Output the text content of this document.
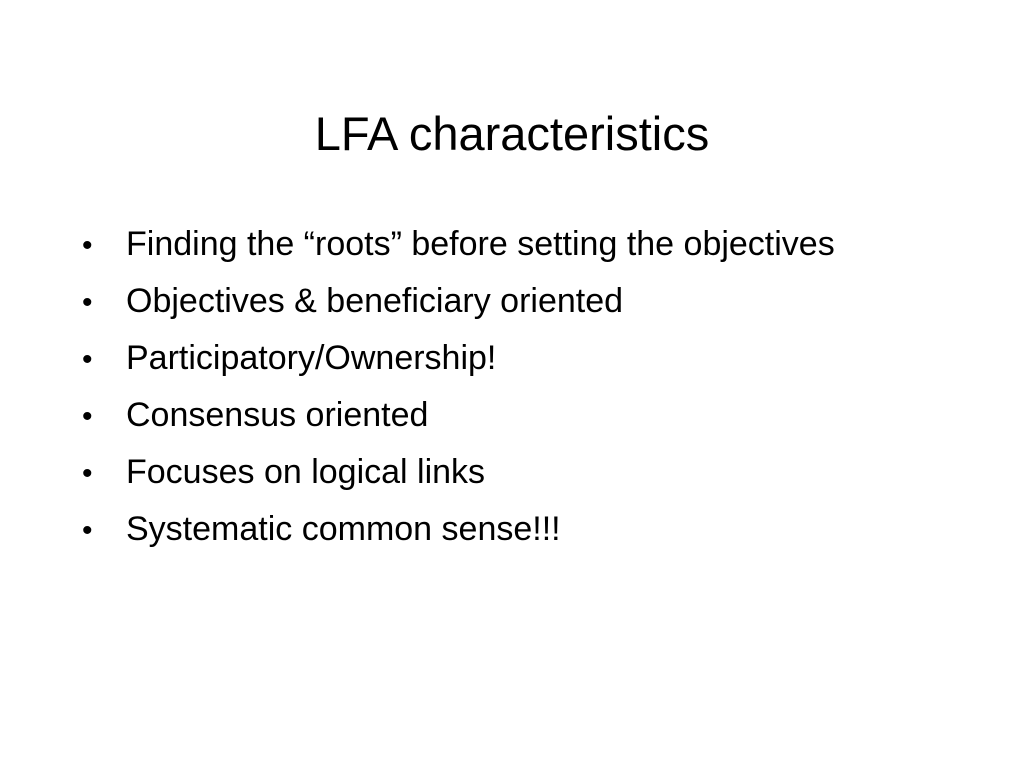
LFA characteristics
• Finding the “roots” before setting the objectives
• Objectives & beneficiary oriented
• Participatory/Ownership!
• Consensus oriented
• Focuses on logical links
• Systematic common sense!!!
